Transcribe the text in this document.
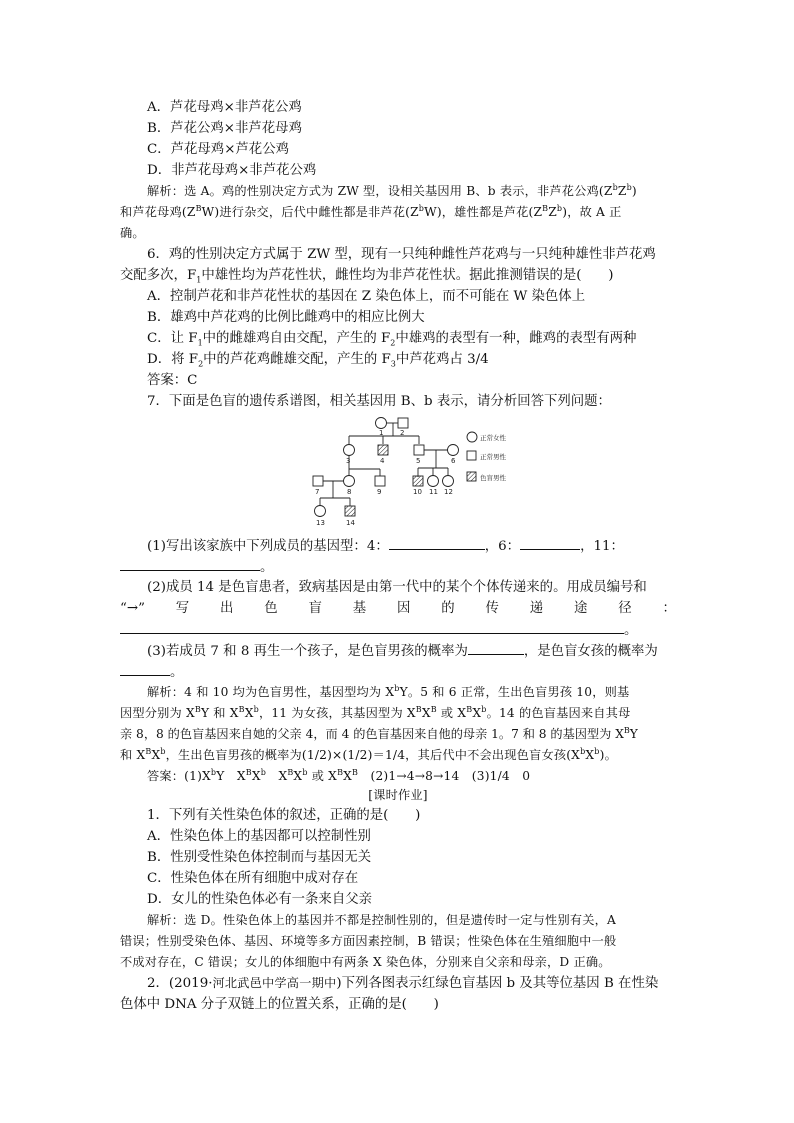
A．芦花母鸡×非芦花公鸡
B．芦花公鸡×非芦花母鸡
C．芦花母鸡×芦花公鸡
D．非芦花母鸡×非芦花公鸡
解析：选 A。鸡的性别决定方式为 ZW 型，设相关基因用 B、b 表示，非芦花公鸡$(Z^bZ^b)$
和芦花母鸡$(Z^BW)$进行杂交，后代中雌性都是非芦花$(Z^bW)$，雄性都是芦花$(Z^BZ^b)$，故 A 正
确。
6．鸡的性别决定方式属于 ZW 型，现有一只纯种雌性芦花鸡与一只纯种雄性非芦花鸡
交配多次，$F_1$中雄性均为芦花性状，雌性均为非芦花性状。据此推测错误的是(　　)
A．控制芦花和非芦花性状的基因在 Z 染色体上，而不可能在 W 染色体上
B．雄鸡中芦花鸡的比例比雌鸡中的相应比例大
C．让 $F_1$中的雌雄鸡自由交配，产生的 $F_2$中雄鸡的表型有一种，雌鸡的表型有两种
D．将 $F_2$中的芦花鸡雌雄交配，产生的 $F_3$中芦花鸡占 3/4
答案：C
7．下面是色盲的遗传系谱图，相关基因用 B、b 表示，请分析回答下列问题：
1 2
3	4	5	6
7	8	9	10 11 12
13	14
正常女性
正常男性
色盲男性
(1)写出该家族中下列成员的基因型：4：	，6：	，11：
。
(2)成员 14 是色盲患者，致病基因是由第一代中的某个个体传递来的。用成员编号和
“→” 写 出 色 盲 基 因 的 传 递 途 径 ：
。
(3)若成员 7 和 8 再生一个孩子，是色盲男孩的概率为	，是色盲女孩的概率为
。
解析：4 和 10 均为色盲男性，基因型均为 $X^bY$。5 和 6 正常，生出色盲男孩 10，则基
因型分别为 $X^BY$ 和 $X^BX^b$，11 为女孩，其基因型为 $X^BX^B$ 或 $X^BX^b$。14 的色盲基因来自其母
亲 8，8 的色盲基因来自她的父亲 4，而 4 的色盲基因来自他的母亲 1。7 和 8 的基因型为 $X^BY$
和 $X^BX^b$，生出色盲男孩的概率为(1/2)×(1/2)＝1/4，其后代中不会出现色盲女孩$(X^bX^b)$。
答案：$(1)X^bY$　$X^BX^b$　$X^BX^b$ 或 $X^BX^B$　(2)1→4→8→14　(3)1/4　0
[课时作业]
1．下列有关性染色体的叙述，正确的是(　　)
A．性染色体上的基因都可以控制性别
B．性别受性染色体控制而与基因无关
C．性染色体在所有细胞中成对存在
D．女儿的性染色体必有一条来自父亲
解析：选 D。性染色体上的基因并不都是控制性别的，但是遗传时一定与性别有关，A
错误；性别受染色体、基因、环境等多方面因素控制，B 错误；性染色体在生殖细胞中一般
不成对存在，C 错误；女儿的体细胞中有两条 X 染色体，分别来自父亲和母亲，D 正确。
2．(2019·河北武邑中学高一期中)下列各图表示红绿色盲基因 b 及其等位基因 B 在性染
色体中 DNA 分子双链上的位置关系，正确的是(　　)
